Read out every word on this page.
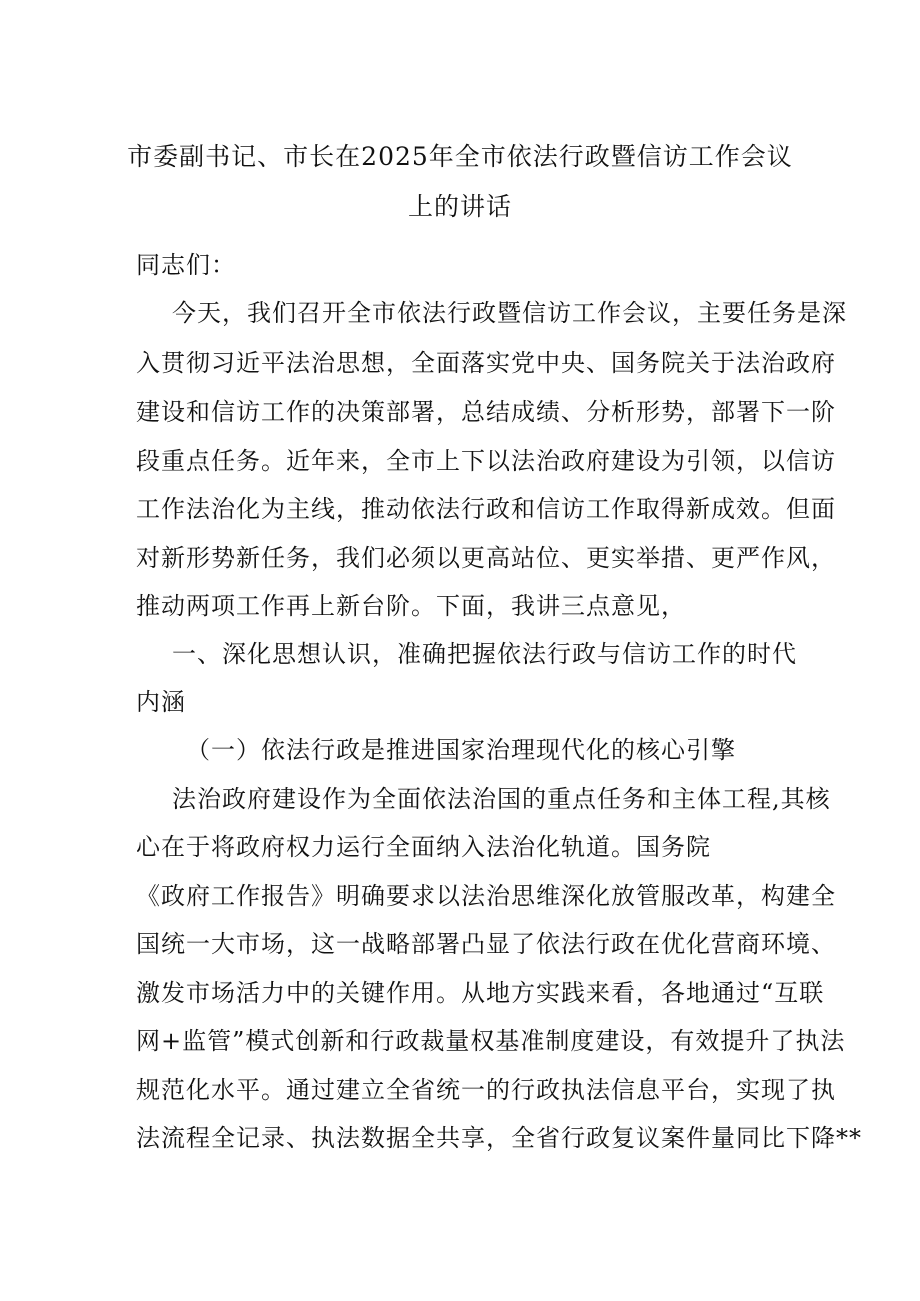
市委副书记、市长在2025年全市依法行政暨信访工作会议
上的讲话
同志们：
今天，我们召开全市依法行政暨信访工作会议，主要任务是深
入贯彻习近平法治思想，全面落实党中央、国务院关于法治政府
建设和信访工作的决策部署，总结成绩、分析形势，部署下一阶
段重点任务。近年来，全市上下以法治政府建设为引领，以信访
工作法治化为主线，推动依法行政和信访工作取得新成效。但面
对新形势新任务，我们必须以更高站位、更实举措、更严作风，
推动两项工作再上新台阶。下面，我讲三点意见，
一、深化思想认识，准确把握依法行政与信访工作的时代
内涵
（一）依法行政是推进国家治理现代化的核心引擎
法治政府建设作为全面依法治国的重点任务和主体工程,其核
心在于将政府权力运行全面纳入法治化轨道。国务院
《政府工作报告》明确要求以法治思维深化放管服改革，构建全
国统一大市场，这一战略部署凸显了依法行政在优化营商环境、
激发市场活力中的关键作用。从地方实践来看，各地通过“互联
网+监管”模式创新和行政裁量权基准制度建设，有效提升了执法
规范化水平。通过建立全省统一的行政执法信息平台，实现了执
法流程全记录、执法数据全共享，全省行政复议案件量同比下降**
